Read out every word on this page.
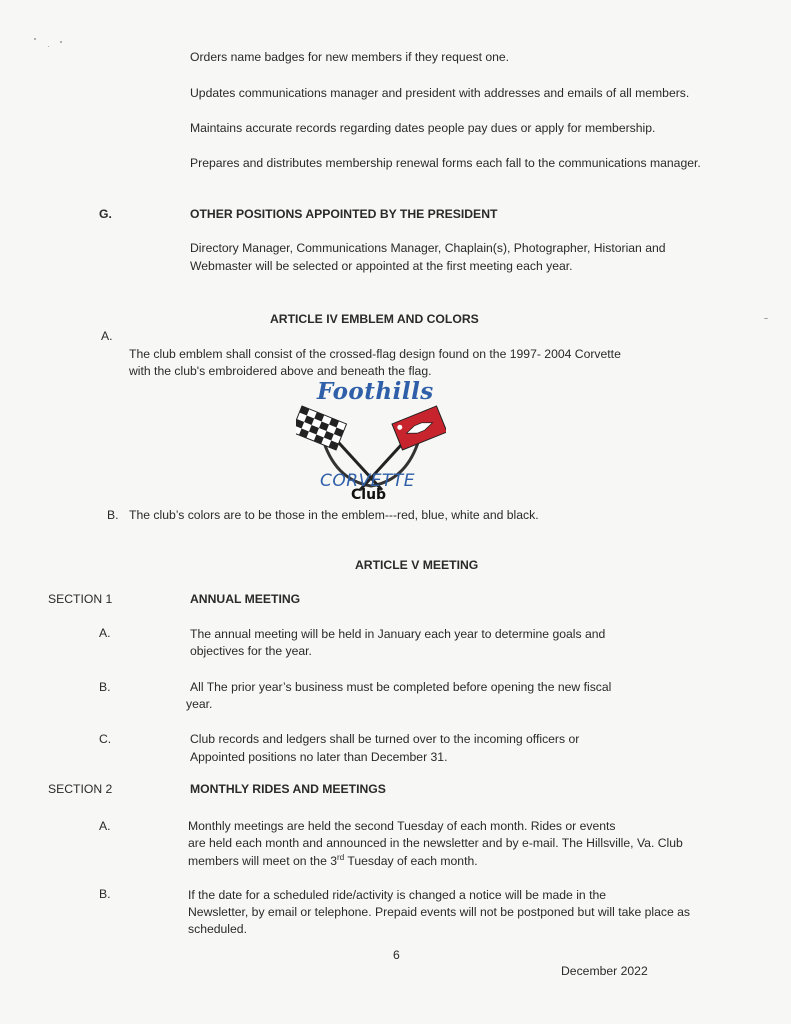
Orders name badges for new members if they request one.
Updates communications manager and president with addresses and emails of all members.
Maintains accurate records regarding dates people pay dues or apply for membership.
Prepares and distributes membership renewal forms each fall to the communications manager.
G.	OTHER POSITIONS APPOINTED BY THE PRESIDENT
Directory Manager, Communications Manager, Chaplain(s), Photographer, Historian and
Webmaster will be selected or appointed at the first meeting each year.
ARTICLE IV EMBLEM AND COLORS
A.
The club emblem shall consist of the crossed-flag design found on the 1997- 2004 Corvette
with the club's embroidered above and beneath the flag.
Foothills
CORVETTE
Club
B. The club’s colors are to be those in the emblem---red, blue, white and black.
ARTICLE V MEETING
SECTION 1	ANNUAL MEETING
A.	The annual meeting will be held in January each year to determine goals and
objectives for the year.
B.	All The prior year’s business must be completed before opening the new fiscal
year.
C.	Club records and ledgers shall be turned over to the incoming officers or
Appointed positions no later than December 31.
SECTION 2	MONTHLY RIDES AND MEETINGS
A.	Monthly meetings are held the second Tuesday of each month. Rides or events
are held each month and announced in the newsletter and by e-mail. The Hillsville, Va. Club
members will meet on the 3rd Tuesday of each month.
B.	If the date for a scheduled ride/activity is changed a notice will be made in the
Newsletter, by email or telephone. Prepaid events will not be postponed but will take place as
scheduled.
6
December 2022
